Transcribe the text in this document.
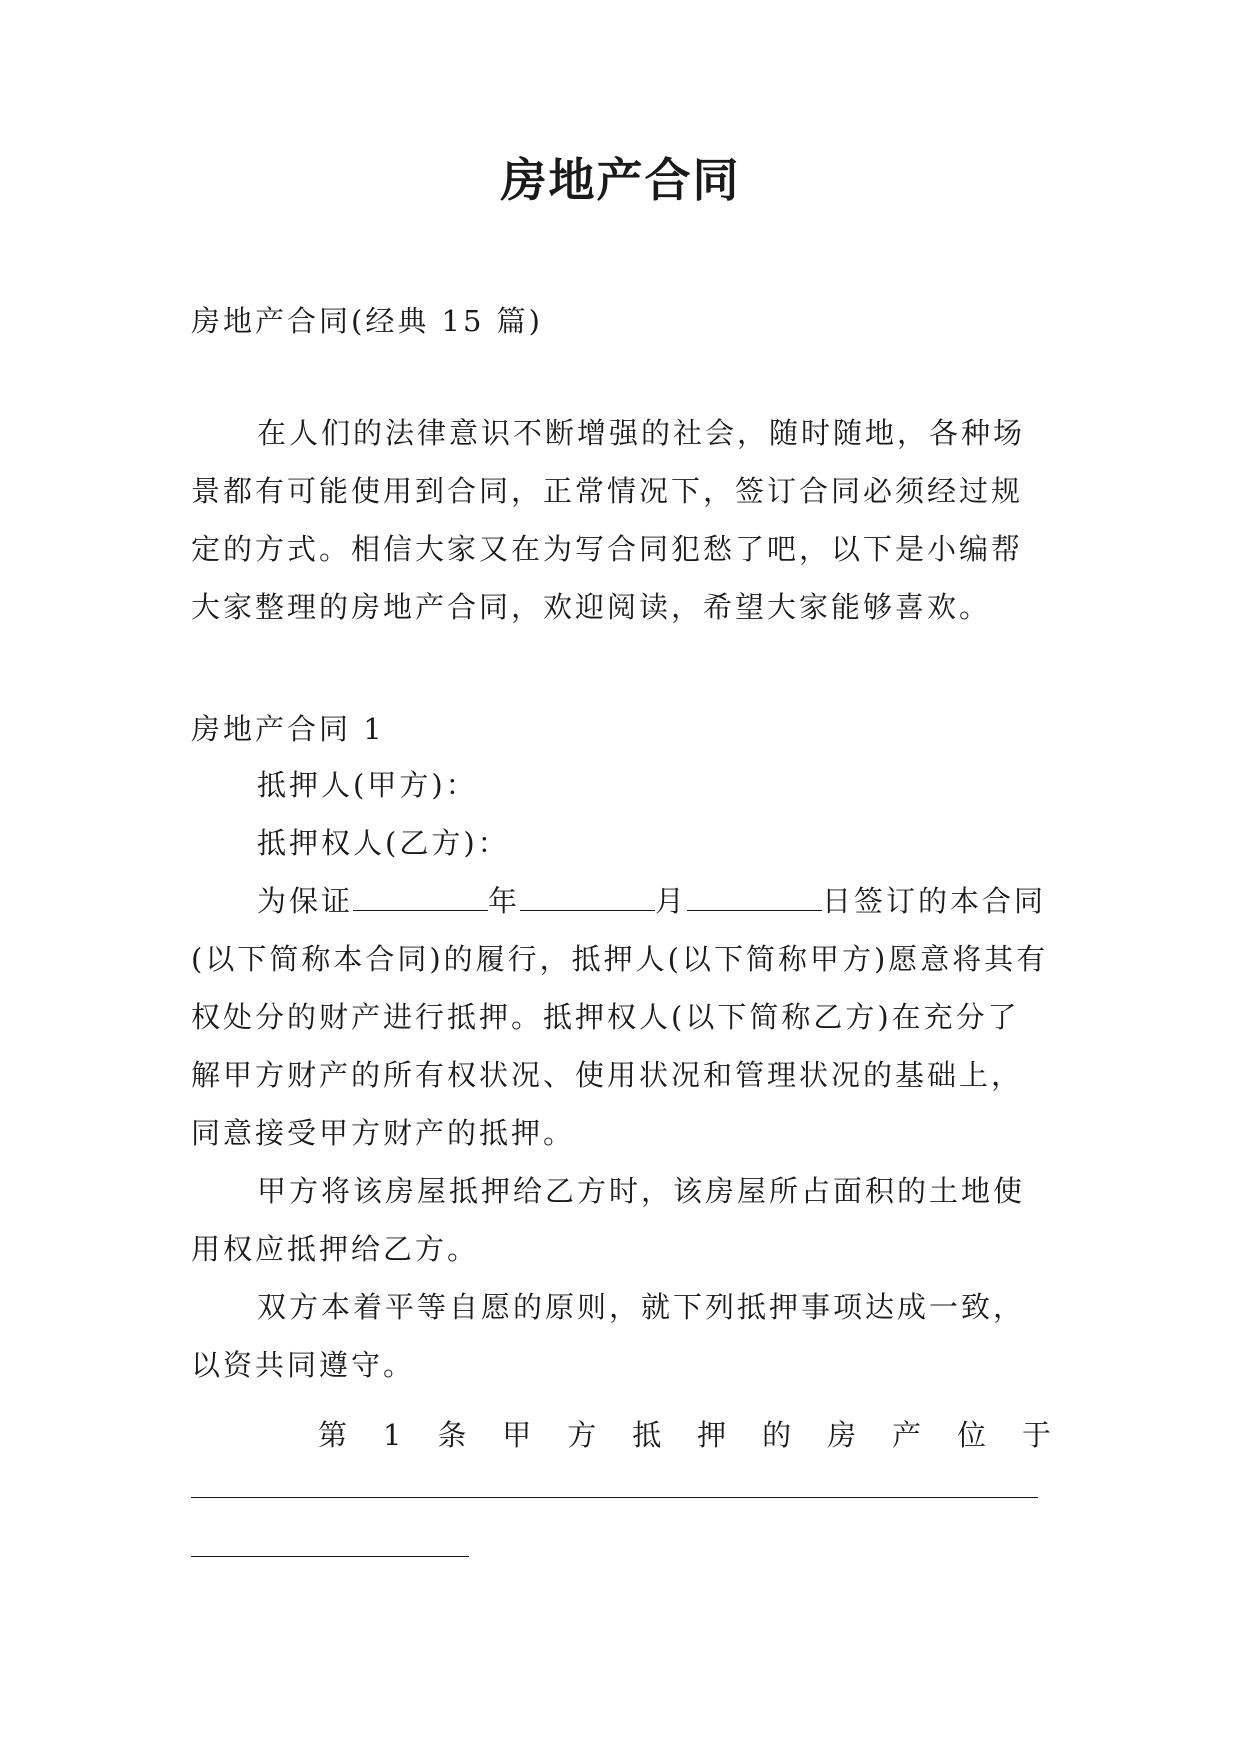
房地产合同
房地产合同(经典 15 篇)
在人们的法律意识不断增强的社会，随时随地，各种场景都有可能使用到合同，正常情况下，签订合同必须经过规定的方式。相信大家又在为写合同犯愁了吧，以下是小编帮大家整理的房地产合同，欢迎阅读，希望大家能够喜欢。
房地产合同 1

抵押人(甲方)：

抵押权人(乙方)：

为保证	年	月	日签订的本合同(以下简称本合同)的履行，抵押人(以下简称甲方)愿意将其有权处分的财产进行抵押。抵押权人(以下简称乙方)在充分了解甲方财产的所有权状况、使用状况和管理状况的基础上，同意接受甲方财产的抵押。

甲方将该房屋抵押给乙方时，该房屋所占面积的土地使用权应抵押给乙方。

双方本着平等自愿的原则，就下列抵押事项达成一致，以资共同遵守。

第 1 条 甲 方 抵 押 的 房 产 位 于
